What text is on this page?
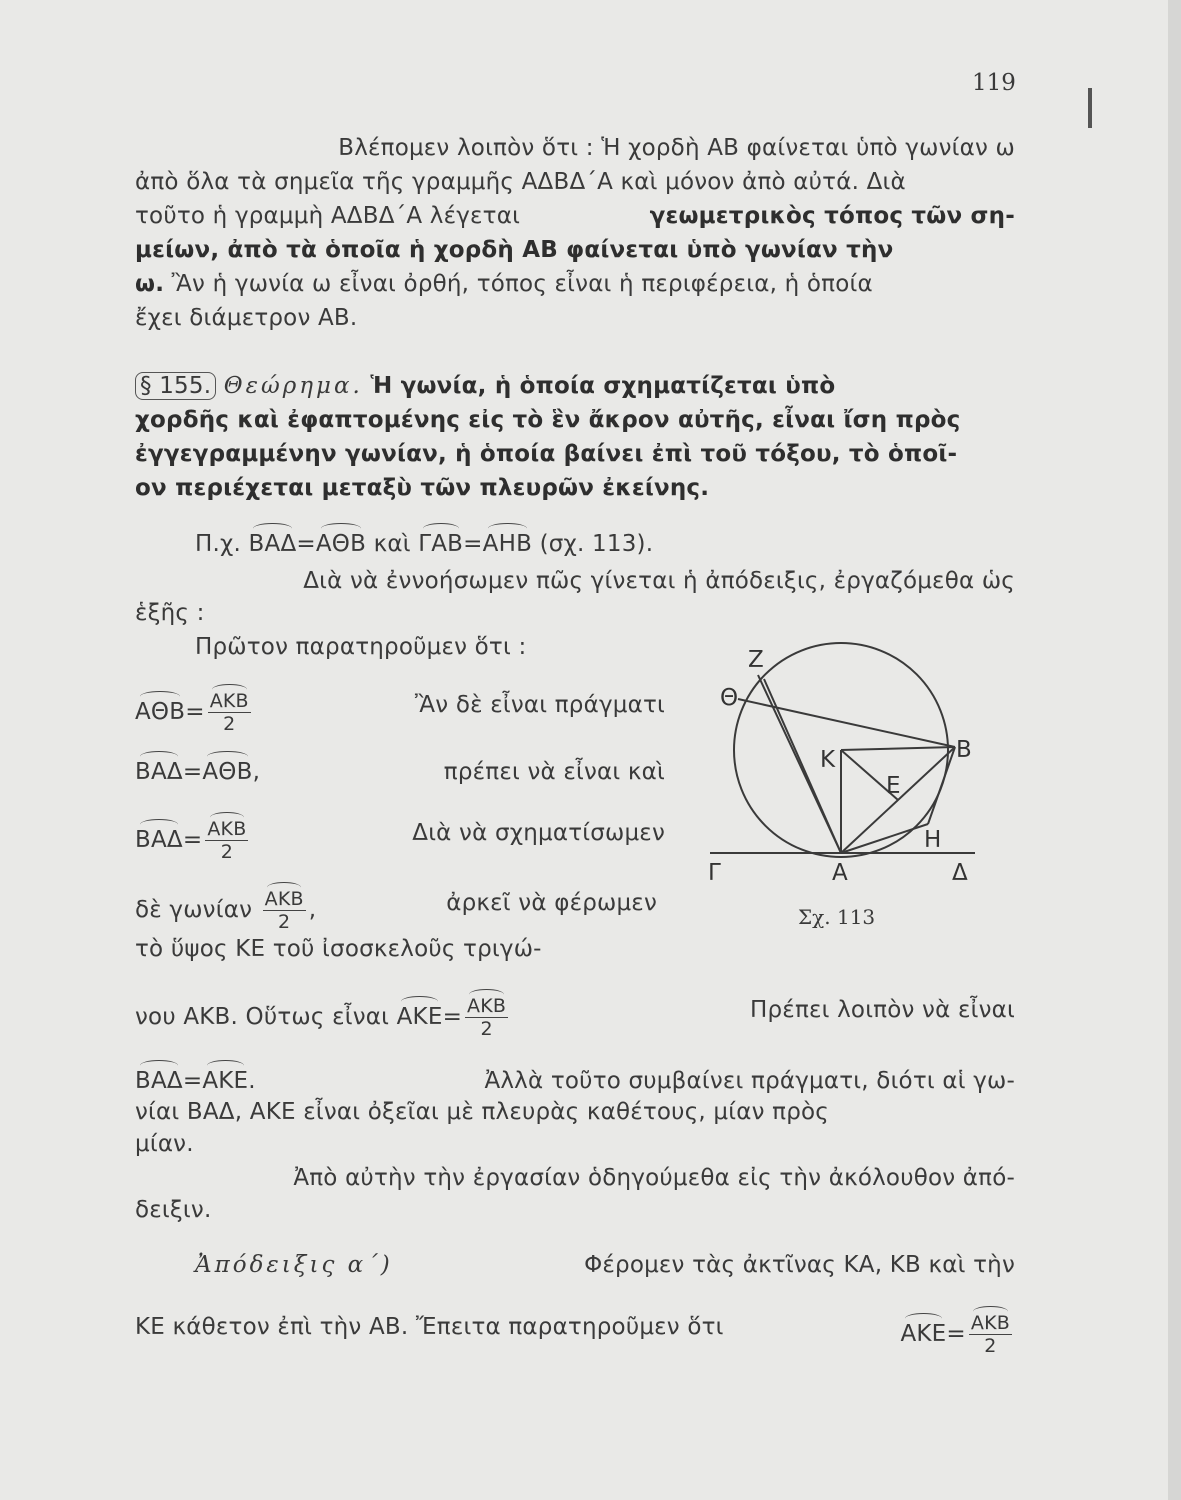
119
Βλέπομεν λοιπὸν ὅτι : Ἡ χορδὴ ΑΒ φαίνεται ὑπὸ γωνίαν ω
ἀπὸ ὅλα τὰ σημεῖα τῆς γραμμῆς ΑΔΒΔ΄Α καὶ μόνον ἀπὸ αὐτά. Διὰ
τοῦτο ἡ γραμμὴ ΑΔΒΔ΄Α λέγεται	γεωμετρικὸς τόπος τῶν ση-
μείων, ἀπὸ τὰ ὁποῖα ἡ χορδὴ ΑΒ φαίνεται ὑπὸ γωνίαν τὴν
ω. Ἂν ἡ γωνία ω εἶναι ὀρθή, τόπος εἶναι ἡ περιφέρεια, ἡ ὁποία
ἔχει διάμετρον ΑΒ.
§ 155. Θεώρημα. Ἡ γωνία, ἡ ὁποία σχηματίζεται ὑπὸ
χορδῆς καὶ ἐφαπτομένης εἰς τὸ ἓν ἄκρον αὐτῆς, εἶναι ἴση πρὸς
ἐγγεγραμμένην γωνίαν, ἡ ὁποία βαίνει ἐπὶ τοῦ τόξου, τὸ ὁποῖ-
ον περιέχεται μεταξὺ τῶν πλευρῶν ἐκείνης.
Π.χ. ΒΑΔ=ΑΘΒ καὶ ΓΑΒ=ΑΗΒ (σχ. 113).
Διὰ νὰ ἐννοήσωμεν πῶς γίνεται ἡ ἀπόδειξις, ἐργαζόμεθα ὡς
ἑξῆς :
Πρῶτον παρατηροῦμεν ὅτι :
$A\Theta B= \frac{\text{ΑΚΒ}}{2}$	Ἂν δὲ εἶναι πράγματι
ΒΑΔ=ΑΘΒ,	πρέπει νὰ εἶναι καὶ
$BA\Delta= \frac{\text{ΑΚΒ}}{2}$	Διὰ νὰ σχηματίσωμεν
δὲ γωνίαν $\frac{\text{ΑΚΒ}}{2}$ ,	ἀρκεῖ νὰ φέρωμεν
τὸ ὕψος ΚΕ τοῦ ἰσοσκελοῦς τριγώ-
νου ΑΚΒ. Οὕτως εἶναι $AKE= \frac{\text{ΑΚΒ}}{2}$	Πρέπει λοιπὸν νὰ εἶναι
ΒΑΔ=ΑΚΕ.	Ἀλλὰ τοῦτο συμβαίνει πράγματι, διότι αἱ γω-
νίαι ΒΑΔ, ΑΚΕ εἶναι ὀξεῖαι μὲ πλευρὰς καθέτους, μίαν πρὸς
μίαν.
Ἀπὸ αὐτὴν τὴν ἐργασίαν ὁδηγούμεθα εἰς τὴν ἀκόλουθον ἀπό-
δειξιν.
Ἀπόδειξις α΄)	Φέρομεν τὰς ἀκτῖνας ΚΑ, ΚΒ καὶ τὴν
ΚΕ κάθετον ἐπὶ τὴν ΑΒ. Ἔπειτα παρατηροῦμεν ὅτι	$AKE= \frac{\text{ΑΚΒ}}{2}$
Ζ
Θ
Β
Κ
Ε
Η
Γ	Α	Δ
Σχ. 113
